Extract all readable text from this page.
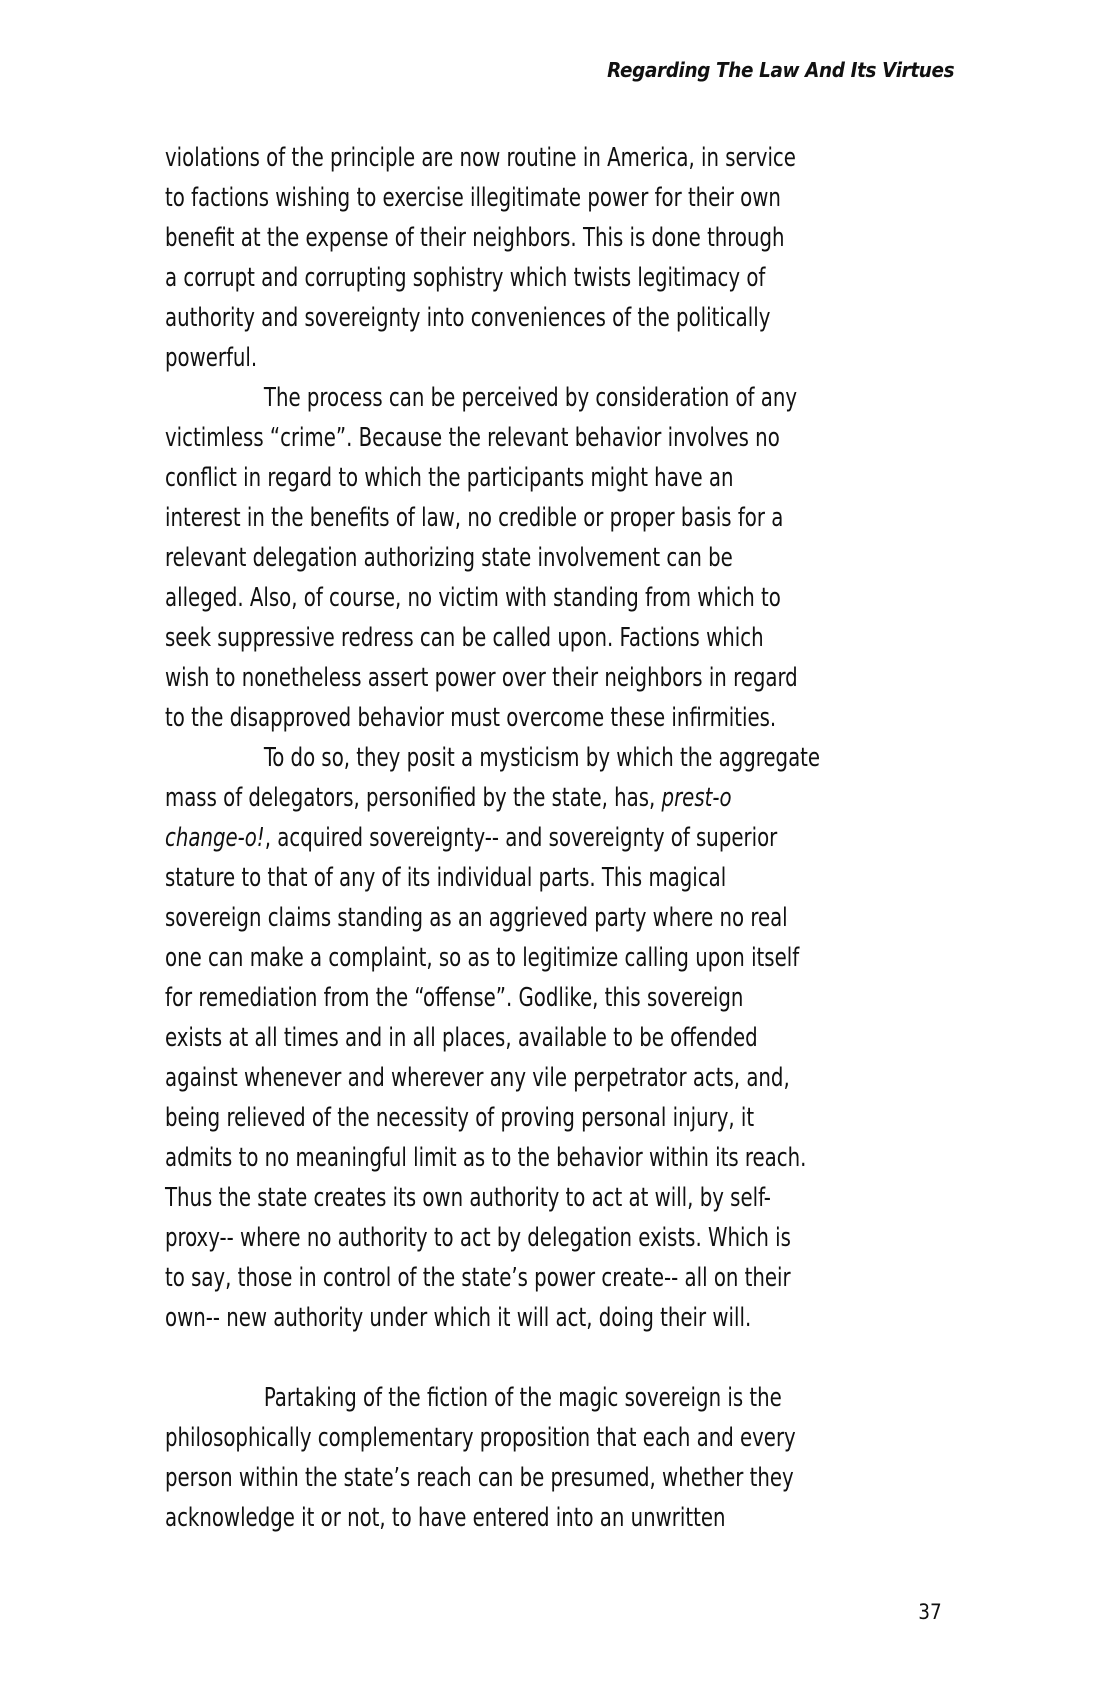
Regarding The Law And Its Virtues
violations of the principle are now routine in America, in service
to factions wishing to exercise illegitimate power for their own
benefit at the expense of their neighbors. This is done through
a corrupt and corrupting sophistry which twists legitimacy of
authority and sovereignty into conveniences of the politically
powerful.
The process can be perceived by consideration of any
victimless “crime”. Because the relevant behavior involves no
conflict in regard to which the participants might have an
interest in the benefits of law, no credible or proper basis for a
relevant delegation authorizing state involvement can be
alleged. Also, of course, no victim with standing from which to
seek suppressive redress can be called upon. Factions which
wish to nonetheless assert power over their neighbors in regard
to the disapproved behavior must overcome these infirmities.
To do so, they posit a mysticism by which the aggregate
mass of delegators, personified by the state, has, prest-o
change-o!, acquired sovereignty-- and sovereignty of superior
stature to that of any of its individual parts. This magical
sovereign claims standing as an aggrieved party where no real
one can make a complaint, so as to legitimize calling upon itself
for remediation from the “offense”. Godlike, this sovereign
exists at all times and in all places, available to be offended
against whenever and wherever any vile perpetrator acts, and,
being relieved of the necessity of proving personal injury, it
admits to no meaningful limit as to the behavior within its reach.
Thus the state creates its own authority to act at will, by self-
proxy-- where no authority to act by delegation exists. Which is
to say, those in control of the state’s power create-- all on their
own-- new authority under which it will act, doing their will.
Partaking of the fiction of the magic sovereign is the
philosophically complementary proposition that each and every
person within the state’s reach can be presumed, whether they
acknowledge it or not, to have entered into an unwritten
37
